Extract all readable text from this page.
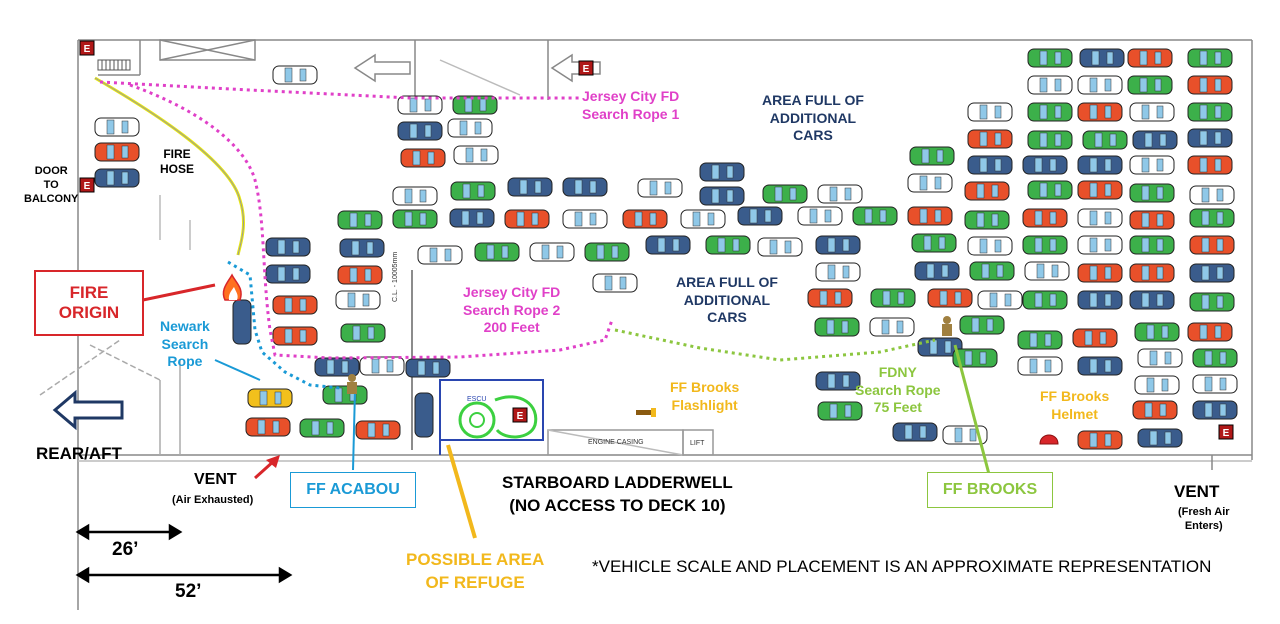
E
E
E
E
E
DOOR
TO
BALCONY
FIRE
HOSE
FIRE
ORIGIN
Newark
Search
Rope
Jersey City FD
Search Rope 1
AREA FULL OF
ADDITIONAL
CARS
AREA FULL OF
ADDITIONAL
CARS
Jersey City FD
Search Rope 2
200 Feet
FF Brooks
Flashlight
FDNY
Search Rope
75 Feet
FF Brooks
Helmet
REAR/AFT
VENT
(Air Exhausted)
FF ACABOU	STARBOARD LADDERWELL
(NO ACCESS TO DECK 10)
FF BROOKS	VENT
(Fresh Air
Enters)
POSSIBLE AREA
OF REFUGE
*VEHICLE SCALE AND PLACEMENT IS AN APPROXIMATE REPRESENTATION
26’
52’
ENGINE CASING	LIFT
ESCU
C.L. - 10005mm
